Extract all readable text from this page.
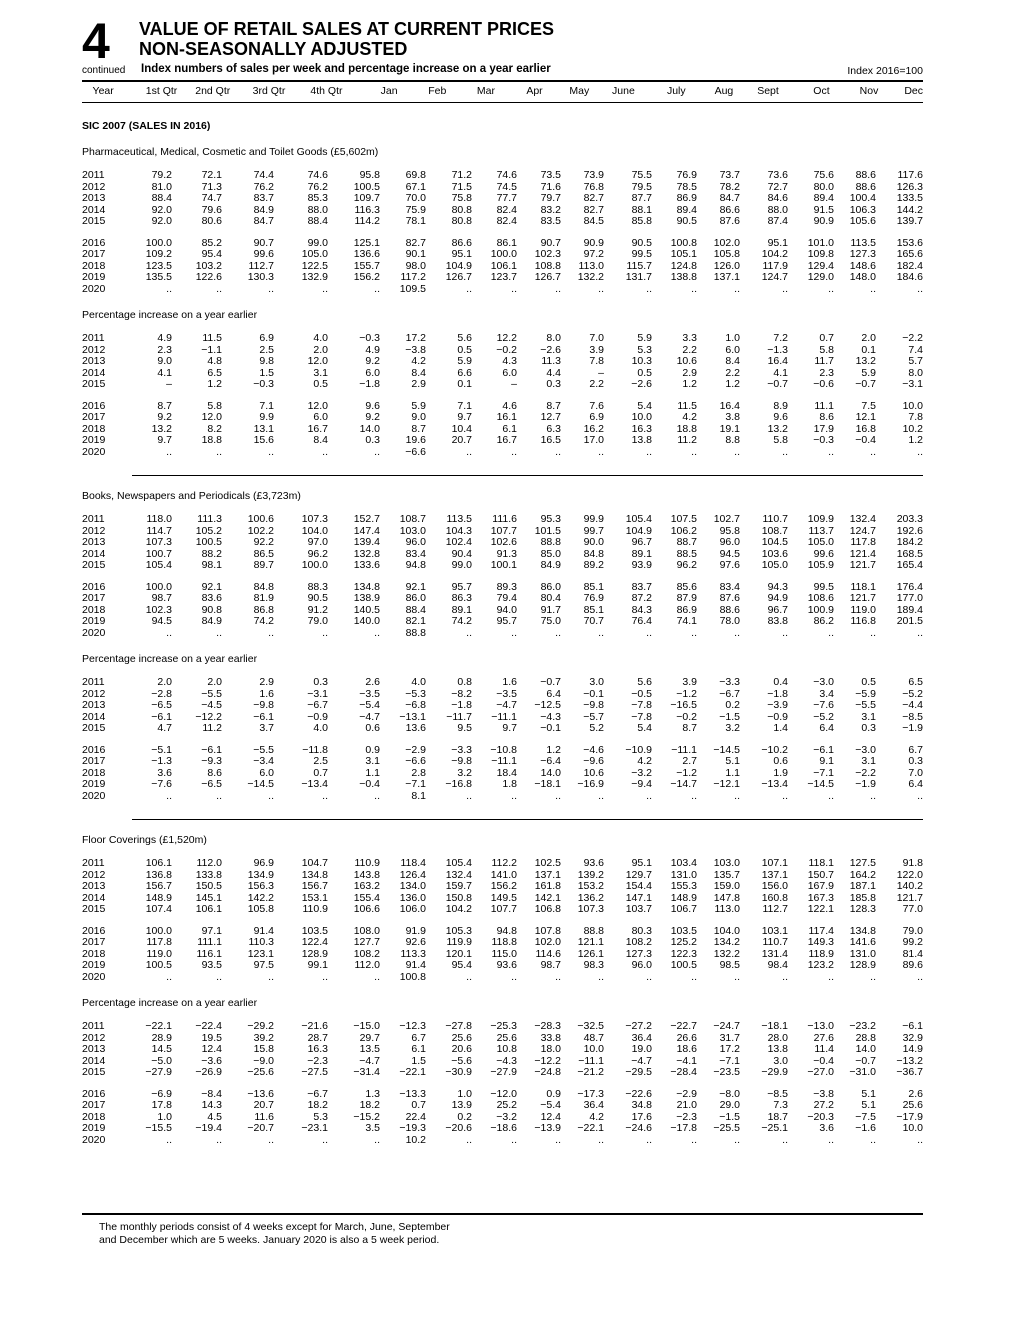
4 VALUE OF RETAIL SALES AT CURRENT PRICES
NON-SEASONALLY ADJUSTED
continued Index numbers of sales per week and percentage increase on a year earlier	Index 2016=100
Year	1st Qtr	2nd Qtr	3rd Qtr	4th Qtr	Jan	Feb	Mar	Apr	May	June	July	Aug	Sept	Oct	Nov	Dec
SIC 2007 (SALES IN 2016)
Pharmaceutical, Medical, Cosmetic and Toilet Goods (£5,602m)
2011	79.2	72.1	74.4	74.6	95.8	69.8	71.2	74.6	73.5	73.9	75.5	76.9	73.7	73.6	75.6	88.6	117.6
2012	81.0	71.3	76.2	76.2	100.5	67.1	71.5	74.5	71.6	76.8	79.5	78.5	78.2	72.7	80.0	88.6	126.3
2013	88.4	74.7	83.7	85.3	109.7	70.0	75.8	77.7	79.7	82.7	87.7	86.9	84.7	84.6	89.4	100.4	133.5
2014	92.0	79.6	84.9	88.0	116.3	75.9	80.8	82.4	83.2	82.7	88.1	89.4	86.6	88.0	91.5	106.3	144.2
2015	92.0	80.6	84.7	88.4	114.2	78.1	80.8	82.4	83.5	84.5	85.8	90.5	87.6	87.4	90.9	105.6	139.7
2016	100.0	85.2	90.7	99.0	125.1	82.7	86.6	86.1	90.7	90.9	90.5	100.8	102.0	95.1	101.0	113.5	153.6
2017	109.2	95.4	99.6	105.0	136.6	90.1	95.1	100.0	102.3	97.2	99.5	105.1	105.8	104.2	109.8	127.3	165.6
2018	123.5	103.2	112.7	122.5	155.7	98.0	104.9	106.1	108.8	113.0	115.7	124.8	126.0	117.9	129.4	148.6	182.4
2019	135.5	122.6	130.3	132.9	156.2	117.2	126.7	123.7	126.7	132.2	131.7	138.8	137.1	124.7	129.0	148.0	184.6
2020	..	..	..	..	..	109.5	..	..	..	..	..	..	..	..	..	..	..
Percentage increase on a year earlier
2011	4.9	11.5	6.9	4.0	−0.3	17.2	5.6	12.2	8.0	7.0	5.9	3.3	1.0	7.2	0.7	2.0	−2.2
2012	2.3	−1.1	2.5	2.0	4.9	−3.8	0.5	−0.2	−2.6	3.9	5.3	2.2	6.0	−1.3	5.8	0.1	7.4
2013	9.0	4.8	9.8	12.0	9.2	4.2	5.9	4.3	11.3	7.8	10.3	10.6	8.4	16.4	11.7	13.2	5.7
2014	4.1	6.5	1.5	3.1	6.0	8.4	6.6	6.0	4.4	–	0.5	2.9	2.2	4.1	2.3	5.9	8.0
2015	–	1.2	−0.3	0.5	−1.8	2.9	0.1	–	0.3	2.2	−2.6	1.2	1.2	−0.7	−0.6	−0.7	−3.1
2016	8.7	5.8	7.1	12.0	9.6	5.9	7.1	4.6	8.7	7.6	5.4	11.5	16.4	8.9	11.1	7.5	10.0
2017	9.2	12.0	9.9	6.0	9.2	9.0	9.7	16.1	12.7	6.9	10.0	4.2	3.8	9.6	8.6	12.1	7.8
2018	13.2	8.2	13.1	16.7	14.0	8.7	10.4	6.1	6.3	16.2	16.3	18.8	19.1	13.2	17.9	16.8	10.2
2019	9.7	18.8	15.6	8.4	0.3	19.6	20.7	16.7	16.5	17.0	13.8	11.2	8.8	5.8	−0.3	−0.4	1.2
2020	..	..	..	..	..	−6.6	..	..	..	..	..	..	..	..	..	..	..
Books, Newspapers and Periodicals (£3,723m)
2011	118.0	111.3	100.6	107.3	152.7	108.7	113.5	111.6	95.3	99.9	105.4	107.5	102.7	110.7	109.9	132.4	203.3
2012	114.7	105.2	102.2	104.0	147.4	103.0	104.3	107.7	101.5	99.7	104.9	106.2	95.8	108.7	113.7	124.7	192.6
2013	107.3	100.5	92.2	97.0	139.4	96.0	102.4	102.6	88.8	90.0	96.7	88.7	96.0	104.5	105.0	117.8	184.2
2014	100.7	88.2	86.5	96.2	132.8	83.4	90.4	91.3	85.0	84.8	89.1	88.5	94.5	103.6	99.6	121.4	168.5
2015	105.4	98.1	89.7	100.0	133.6	94.8	99.0	100.1	84.9	89.2	93.9	96.2	97.6	105.0	105.9	121.7	165.4
2016	100.0	92.1	84.8	88.3	134.8	92.1	95.7	89.3	86.0	85.1	83.7	85.6	83.4	94.3	99.5	118.1	176.4
2017	98.7	83.6	81.9	90.5	138.9	86.0	86.3	79.4	80.4	76.9	87.2	87.9	87.6	94.9	108.6	121.7	177.0
2018	102.3	90.8	86.8	91.2	140.5	88.4	89.1	94.0	91.7	85.1	84.3	86.9	88.6	96.7	100.9	119.0	189.4
2019	94.5	84.9	74.2	79.0	140.0	82.1	74.2	95.7	75.0	70.7	76.4	74.1	78.0	83.8	86.2	116.8	201.5
2020	..	..	..	..	..	88.8	..	..	..	..	..	..	..	..	..	..	..
Percentage increase on a year earlier
2011	2.0	2.0	2.9	0.3	2.6	4.0	0.8	1.6	−0.7	3.0	5.6	3.9	−3.3	0.4	−3.0	0.5	6.5
2012	−2.8	−5.5	1.6	−3.1	−3.5	−5.3	−8.2	−3.5	6.4	−0.1	−0.5	−1.2	−6.7	−1.8	3.4	−5.9	−5.2
2013	−6.5	−4.5	−9.8	−6.7	−5.4	−6.8	−1.8	−4.7	−12.5	−9.8	−7.8	−16.5	0.2	−3.9	−7.6	−5.5	−4.4
2014	−6.1	−12.2	−6.1	−0.9	−4.7	−13.1	−11.7	−11.1	−4.3	−5.7	−7.8	−0.2	−1.5	−0.9	−5.2	3.1	−8.5
2015	4.7	11.2	3.7	4.0	0.6	13.6	9.5	9.7	−0.1	5.2	5.4	8.7	3.2	1.4	6.4	0.3	−1.9
2016	−5.1	−6.1	−5.5	−11.8	0.9	−2.9	−3.3	−10.8	1.2	−4.6	−10.9	−11.1	−14.5	−10.2	−6.1	−3.0	6.7
2017	−1.3	−9.3	−3.4	2.5	3.1	−6.6	−9.8	−11.1	−6.4	−9.6	4.2	2.7	5.1	0.6	9.1	3.1	0.3
2018	3.6	8.6	6.0	0.7	1.1	2.8	3.2	18.4	14.0	10.6	−3.2	−1.2	1.1	1.9	−7.1	−2.2	7.0
2019	−7.6	−6.5	−14.5	−13.4	−0.4	−7.1	−16.8	1.8	−18.1	−16.9	−9.4	−14.7	−12.1	−13.4	−14.5	−1.9	6.4
2020	..	..	..	..	..	8.1	..	..	..	..	..	..	..	..	..	..	..
Floor Coverings (£1,520m)
2011	106.1	112.0	96.9	104.7	110.9	118.4	105.4	112.2	102.5	93.6	95.1	103.4	103.0	107.1	118.1	127.5	91.8
2012	136.8	133.8	134.9	134.8	143.8	126.4	132.4	141.0	137.1	139.2	129.7	131.0	135.7	137.1	150.7	164.2	122.0
2013	156.7	150.5	156.3	156.7	163.2	134.0	159.7	156.2	161.8	153.2	154.4	155.3	159.0	156.0	167.9	187.1	140.2
2014	148.9	145.1	142.2	153.1	155.4	136.0	150.8	149.5	142.1	136.2	147.1	148.9	147.8	160.8	167.3	185.8	121.7
2015	107.4	106.1	105.8	110.9	106.6	106.0	104.2	107.7	106.8	107.3	103.7	106.7	113.0	112.7	122.1	128.3	77.0
2016	100.0	97.1	91.4	103.5	108.0	91.9	105.3	94.8	107.8	88.8	80.3	103.5	104.0	103.1	117.4	134.8	79.0
2017	117.8	111.1	110.3	122.4	127.7	92.6	119.9	118.8	102.0	121.1	108.2	125.2	134.2	110.7	149.3	141.6	99.2
2018	119.0	116.1	123.1	128.9	108.2	113.3	120.1	115.0	114.6	126.1	127.3	122.3	132.2	131.4	118.9	131.0	81.4
2019	100.5	93.5	97.5	99.1	112.0	91.4	95.4	93.6	98.7	98.3	96.0	100.5	98.5	98.4	123.2	128.9	89.6
2020	..	..	..	..	..	100.8	..	..	..	..	..	..	..	..	..	..	..
Percentage increase on a year earlier
2011	−22.1	−22.4	−29.2	−21.6	−15.0	−12.3	−27.8	−25.3	−28.3	−32.5	−27.2	−22.7	−24.7	−18.1	−13.0	−23.2	−6.1
2012	28.9	19.5	39.2	28.7	29.7	6.7	25.6	25.6	33.8	48.7	36.4	26.6	31.7	28.0	27.6	28.8	32.9
2013	14.5	12.4	15.8	16.3	13.5	6.1	20.6	10.8	18.0	10.0	19.0	18.6	17.2	13.8	11.4	14.0	14.9
2014	−5.0	−3.6	−9.0	−2.3	−4.7	1.5	−5.6	−4.3	−12.2	−11.1	−4.7	−4.1	−7.1	3.0	−0.4	−0.7	−13.2
2015	−27.9	−26.9	−25.6	−27.5	−31.4	−22.1	−30.9	−27.9	−24.8	−21.2	−29.5	−28.4	−23.5	−29.9	−27.0	−31.0	−36.7
2016	−6.9	−8.4	−13.6	−6.7	1.3	−13.3	1.0	−12.0	0.9	−17.3	−22.6	−2.9	−8.0	−8.5	−3.8	5.1	2.6
2017	17.8	14.3	20.7	18.2	18.2	0.7	13.9	25.2	−5.4	36.4	34.8	21.0	29.0	7.3	27.2	5.1	25.6
2018	1.0	4.5	11.6	5.3	−15.2	22.4	0.2	−3.2	12.4	4.2	17.6	−2.3	−1.5	18.7	−20.3	−7.5	−17.9
2019	−15.5	−19.4	−20.7	−23.1	3.5	−19.3	−20.6	−18.6	−13.9	−22.1	−24.6	−17.8	−25.5	−25.1	3.6	−1.6	10.0
2020	..	..	..	..	..	10.2	..	..	..	..	..	..	..	..	..	..	..
The monthly periods consist of 4 weeks except for March, June, September
and December which are 5 weeks. January 2020 is also a 5 week period.
